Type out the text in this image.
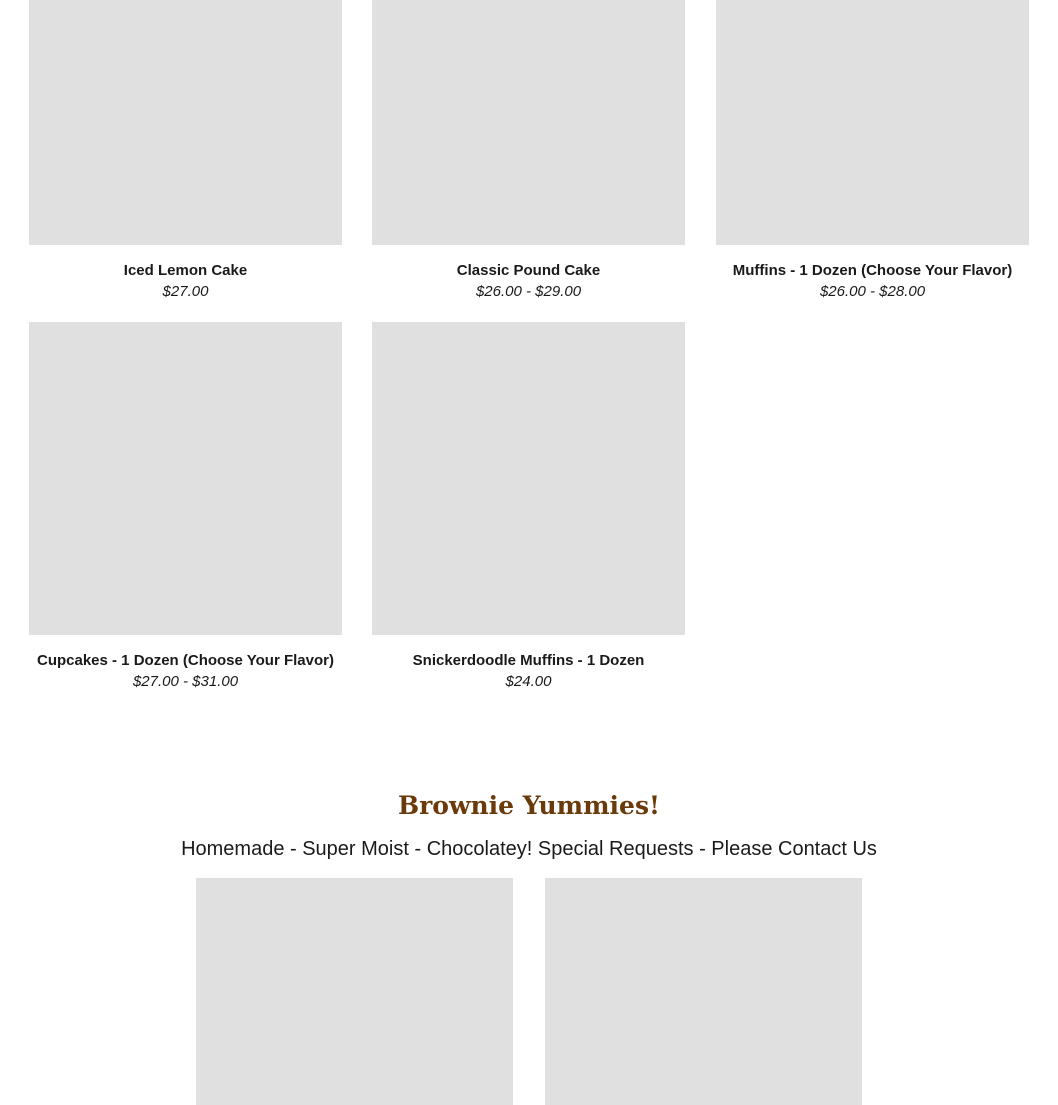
Iced Lemon Cake
$27.00
Classic Pound Cake
$26.00 - $29.00
Muffins - 1 Dozen (Choose Your Flavor)
$26.00 - $28.00
Cupcakes - 1 Dozen (Choose Your Flavor)
$27.00 - $31.00
Snickerdoodle Muffins - 1 Dozen
$24.00
Brownie Yummies!
Homemade - Super Moist - Chocolatey! Special Requests - Please Contact Us
